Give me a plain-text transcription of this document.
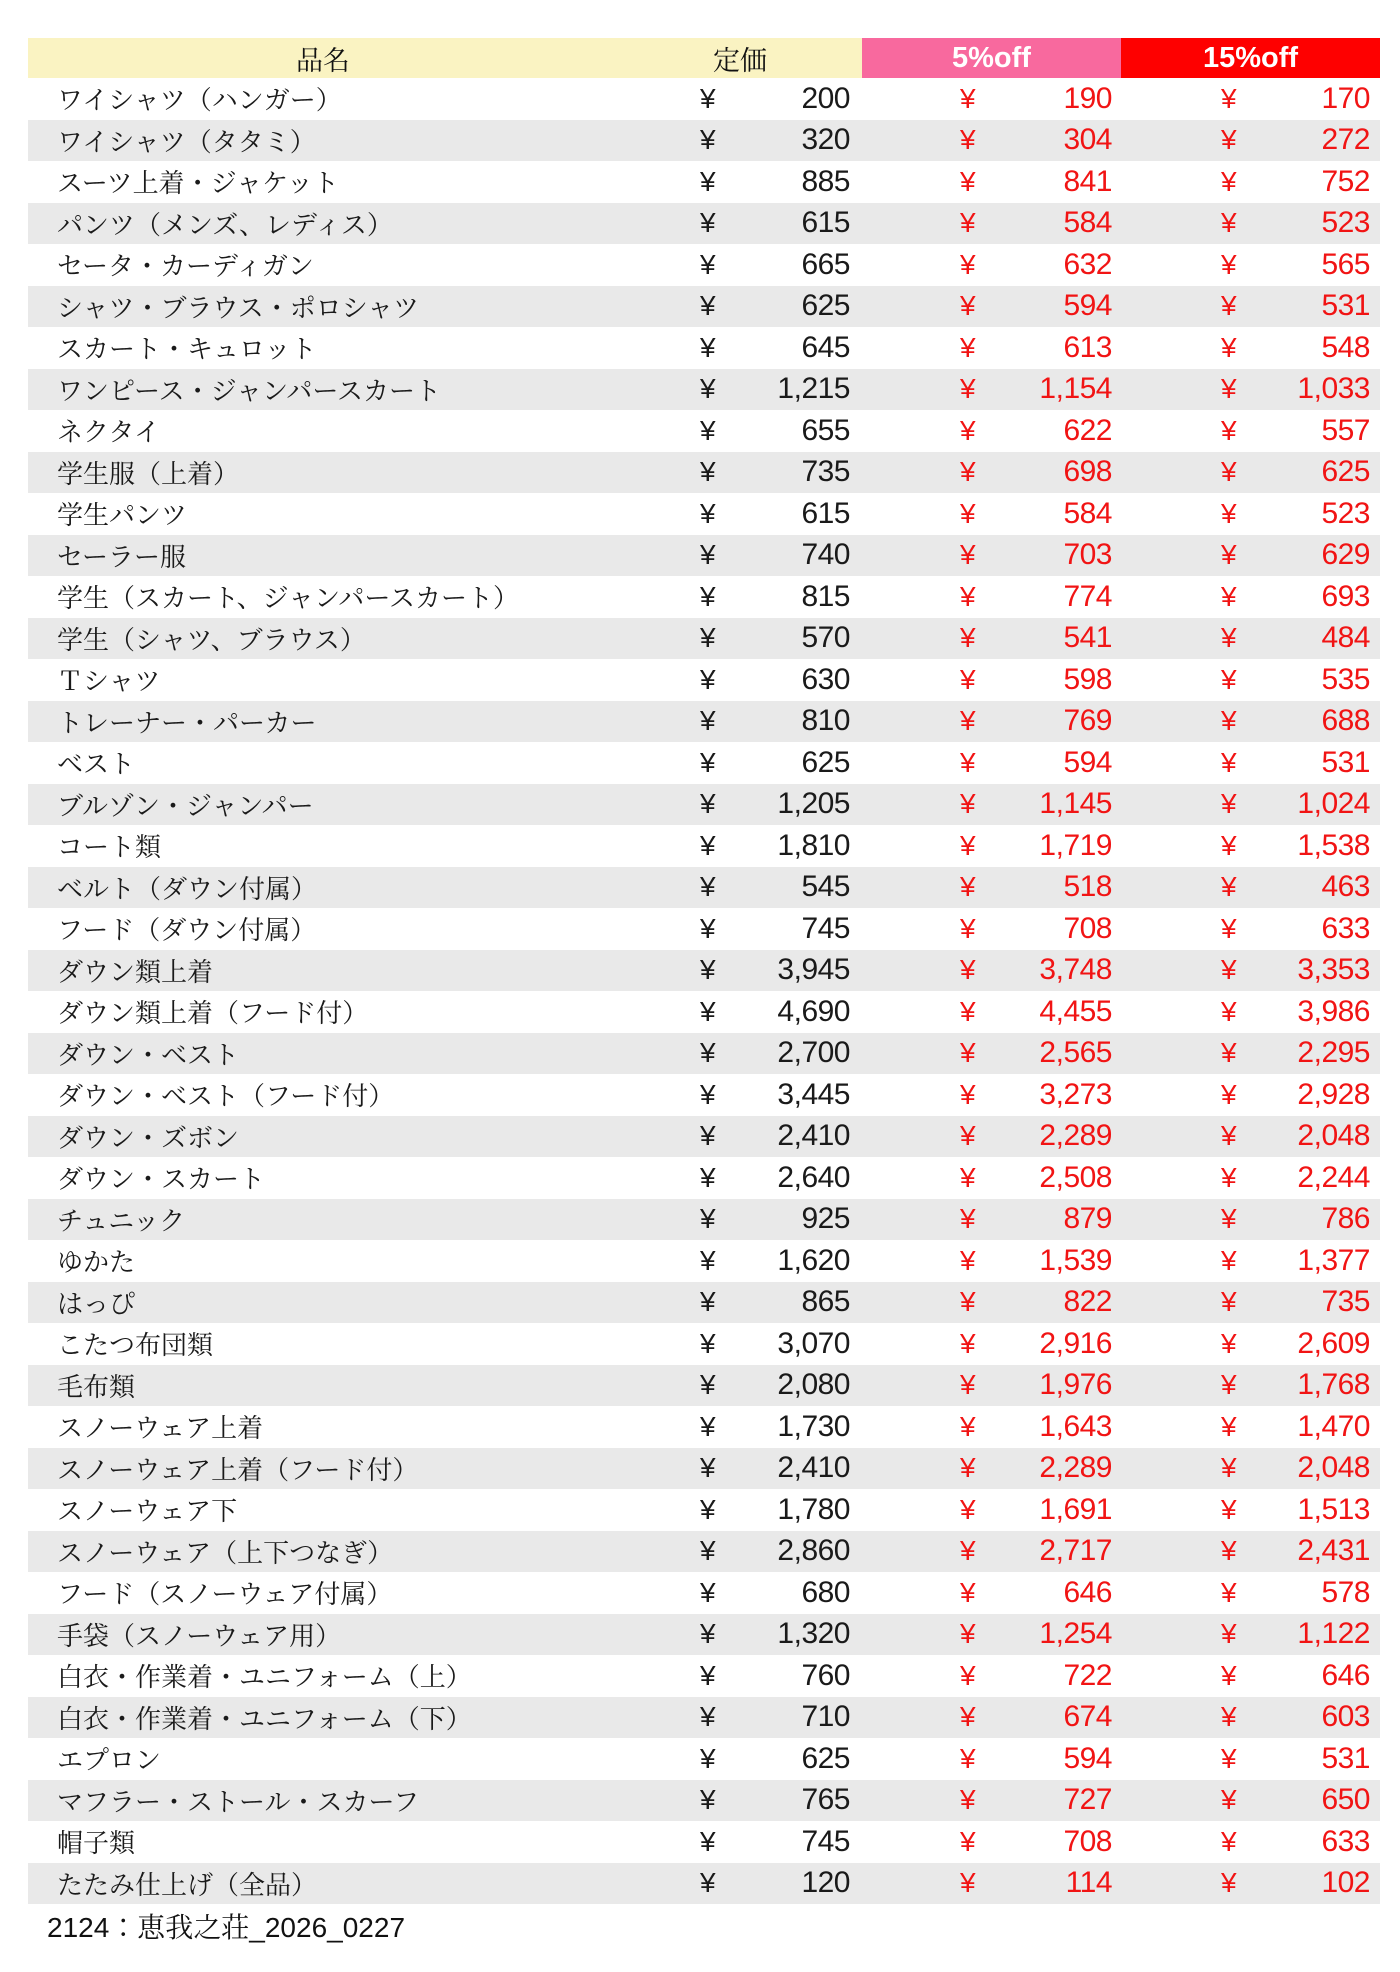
品名	定価	5%off	15%off
ワイシャツ（ハンガー）	¥	200	¥	190	¥	170
ワイシャツ（タタミ）	¥	320	¥	304	¥	272
スーツ上着・ジャケット	¥	885	¥	841	¥	752
パンツ（メンズ、レディス）	¥	615	¥	584	¥	523
セータ・カーディガン	¥	665	¥	632	¥	565
シャツ・ブラウス・ポロシャツ	¥	625	¥	594	¥	531
スカート・キュロット	¥	645	¥	613	¥	548
ワンピース・ジャンパースカート	¥ 1,215	¥ 1,154	¥ 1,033
ネクタイ	¥	655	¥	622	¥	557
学生服（上着）	¥	735	¥	698	¥	625
学生パンツ	¥	615	¥	584	¥	523
セーラー服	¥	740	¥	703	¥	629
学生（スカート、ジャンパースカート）	¥	815	¥	774	¥	693
学生（シャツ、ブラウス）	¥	570	¥	541	¥	484
Ｔシャツ	¥	630	¥	598	¥	535
トレーナー・パーカー	¥	810	¥	769	¥	688
ベスト	¥	625	¥	594	¥	531
ブルゾン・ジャンパー	¥ 1,205	¥ 1,145	¥ 1,024
コート類	¥ 1,810	¥ 1,719	¥ 1,538
ベルト（ダウン付属）	¥	545	¥	518	¥	463
フード（ダウン付属）	¥	745	¥	708	¥	633
ダウン類上着	¥ 3,945	¥ 3,748	¥ 3,353
ダウン類上着（フード付）	¥ 4,690	¥ 4,455	¥ 3,986
ダウン・ベスト	¥ 2,700	¥ 2,565	¥ 2,295
ダウン・ベスト（フード付）	¥ 3,445	¥ 3,273	¥ 2,928
ダウン・ズボン	¥ 2,410	¥ 2,289	¥ 2,048
ダウン・スカート	¥ 2,640	¥ 2,508	¥ 2,244
チュニック	¥	925	¥	879	¥	786
ゆかた	¥ 1,620	¥ 1,539	¥ 1,377
はっぴ	¥	865	¥	822	¥	735
こたつ布団類	¥ 3,070	¥ 2,916	¥ 2,609
毛布類	¥ 2,080	¥ 1,976	¥ 1,768
スノーウェア上着	¥ 1,730	¥ 1,643	¥ 1,470
スノーウェア上着（フード付）	¥ 2,410	¥ 2,289	¥ 2,048
スノーウェア下	¥ 1,780	¥ 1,691	¥ 1,513
スノーウェア（上下つなぎ）	¥ 2,860	¥ 2,717	¥ 2,431
フード（スノーウェア付属）	¥	680	¥	646	¥	578
手袋（スノーウェア用）	¥ 1,320	¥ 1,254	¥ 1,122
白衣・作業着・ユニフォーム（上）	¥	760	¥	722	¥	646
白衣・作業着・ユニフォーム（下）	¥	710	¥	674	¥	603
エプロン	¥	625	¥	594	¥	531
マフラー・ストール・スカーフ	¥	765	¥	727	¥	650
帽子類	¥	745	¥	708	¥	633
たたみ仕上げ（全品）	¥	120	¥	114	¥	102
2124：恵我之荘_2026_0227
